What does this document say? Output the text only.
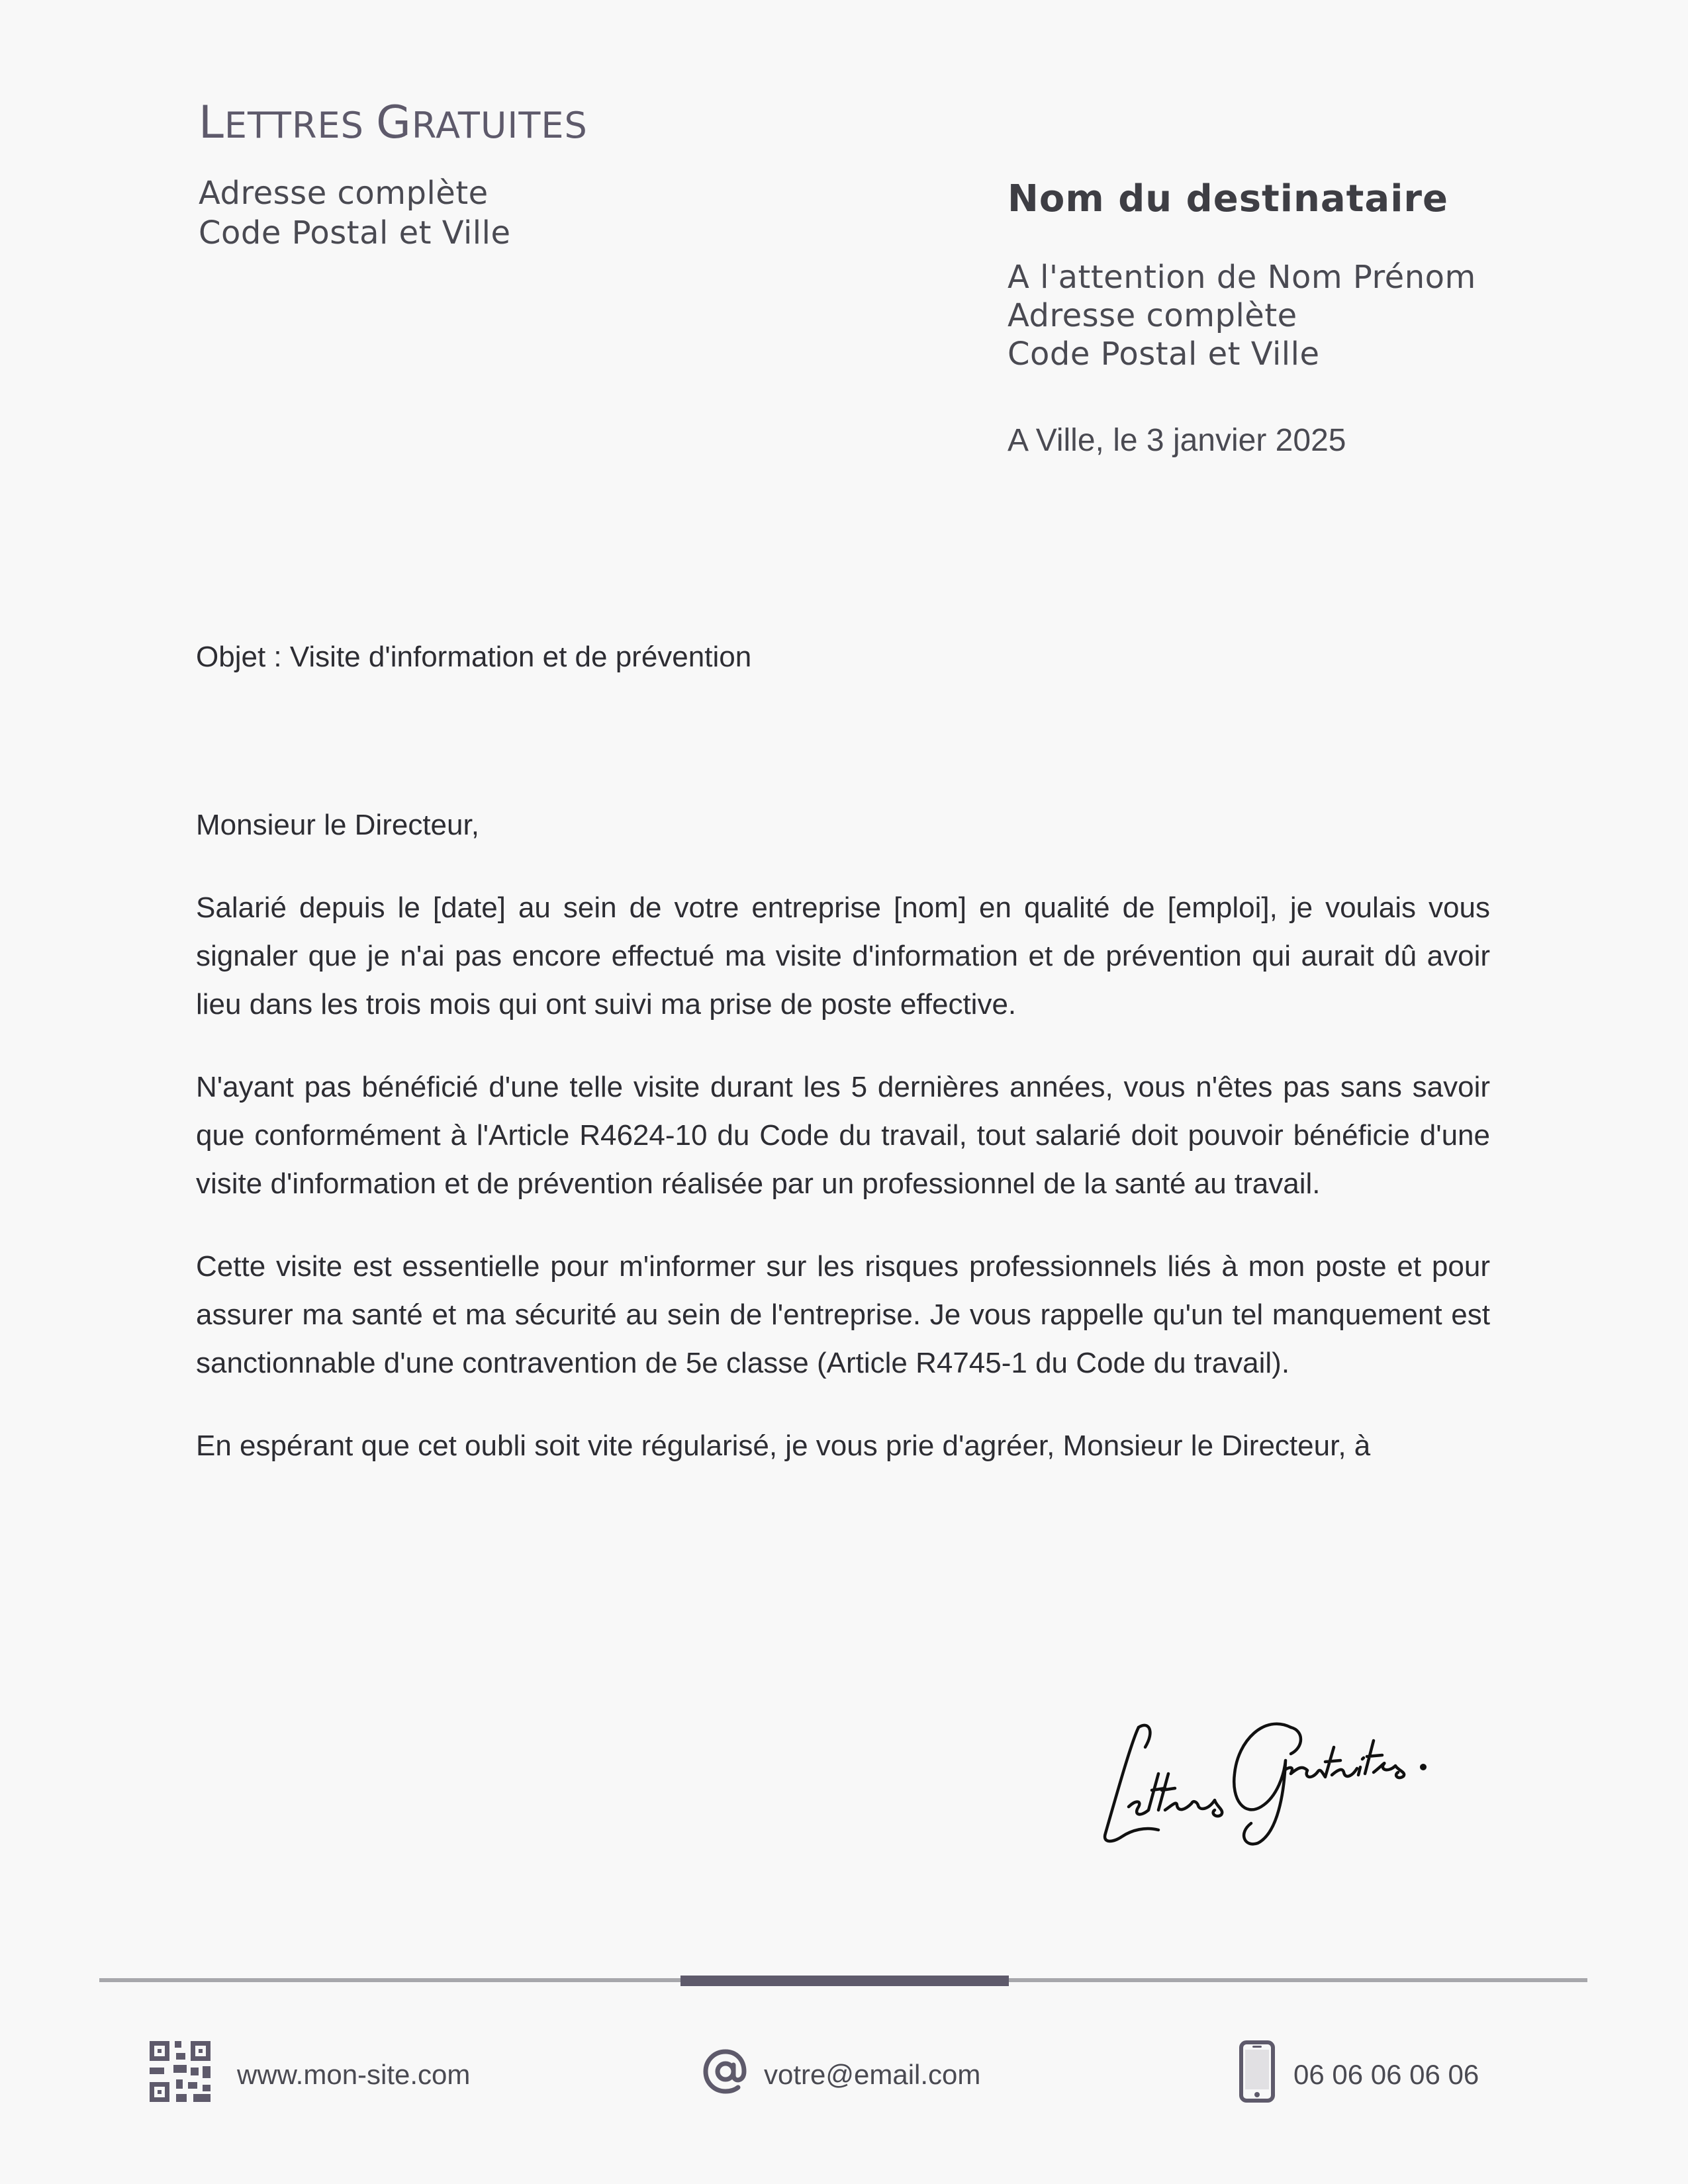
LETTRES GRATUITES
Adresse complète
Code Postal et Ville
Nom du destinataire
A l'attention de Nom Prénom
Adresse complète
Code Postal et Ville
A Ville, le 3 janvier 2025
Objet : Visite d'information et de prévention

Monsieur le Directeur,

Salarié depuis le [date] au sein de votre entreprise [nom] en qualité de [emploi], je voulais vous signaler que je n'ai pas encore effectué ma visite d'information et de prévention qui aurait dû avoir lieu dans les trois mois qui ont suivi ma prise de poste effective.

N'ayant pas bénéficié d'une telle visite durant les 5 dernières années, vous n'êtes pas sans savoir que conformément à l'Article R4624-10 du Code du travail, tout salarié doit pouvoir bénéficie d'une visite d'information et de prévention réalisée par un professionnel de la santé au travail.

Cette visite est essentielle pour m'informer sur les risques professionnels liés à mon poste et pour assurer ma santé et ma sécurité au sein de l'entreprise. Je vous rappelle qu'un tel manquement est sanctionnable d'une contravention de 5e classe (Article R4745-1 du Code du travail).

En espérant que cet oubli soit vite régularisé, je vous prie d'agréer, Monsieur le Directeur, à

www.mon-site.com	votre@email.com	06 06 06 06 06
